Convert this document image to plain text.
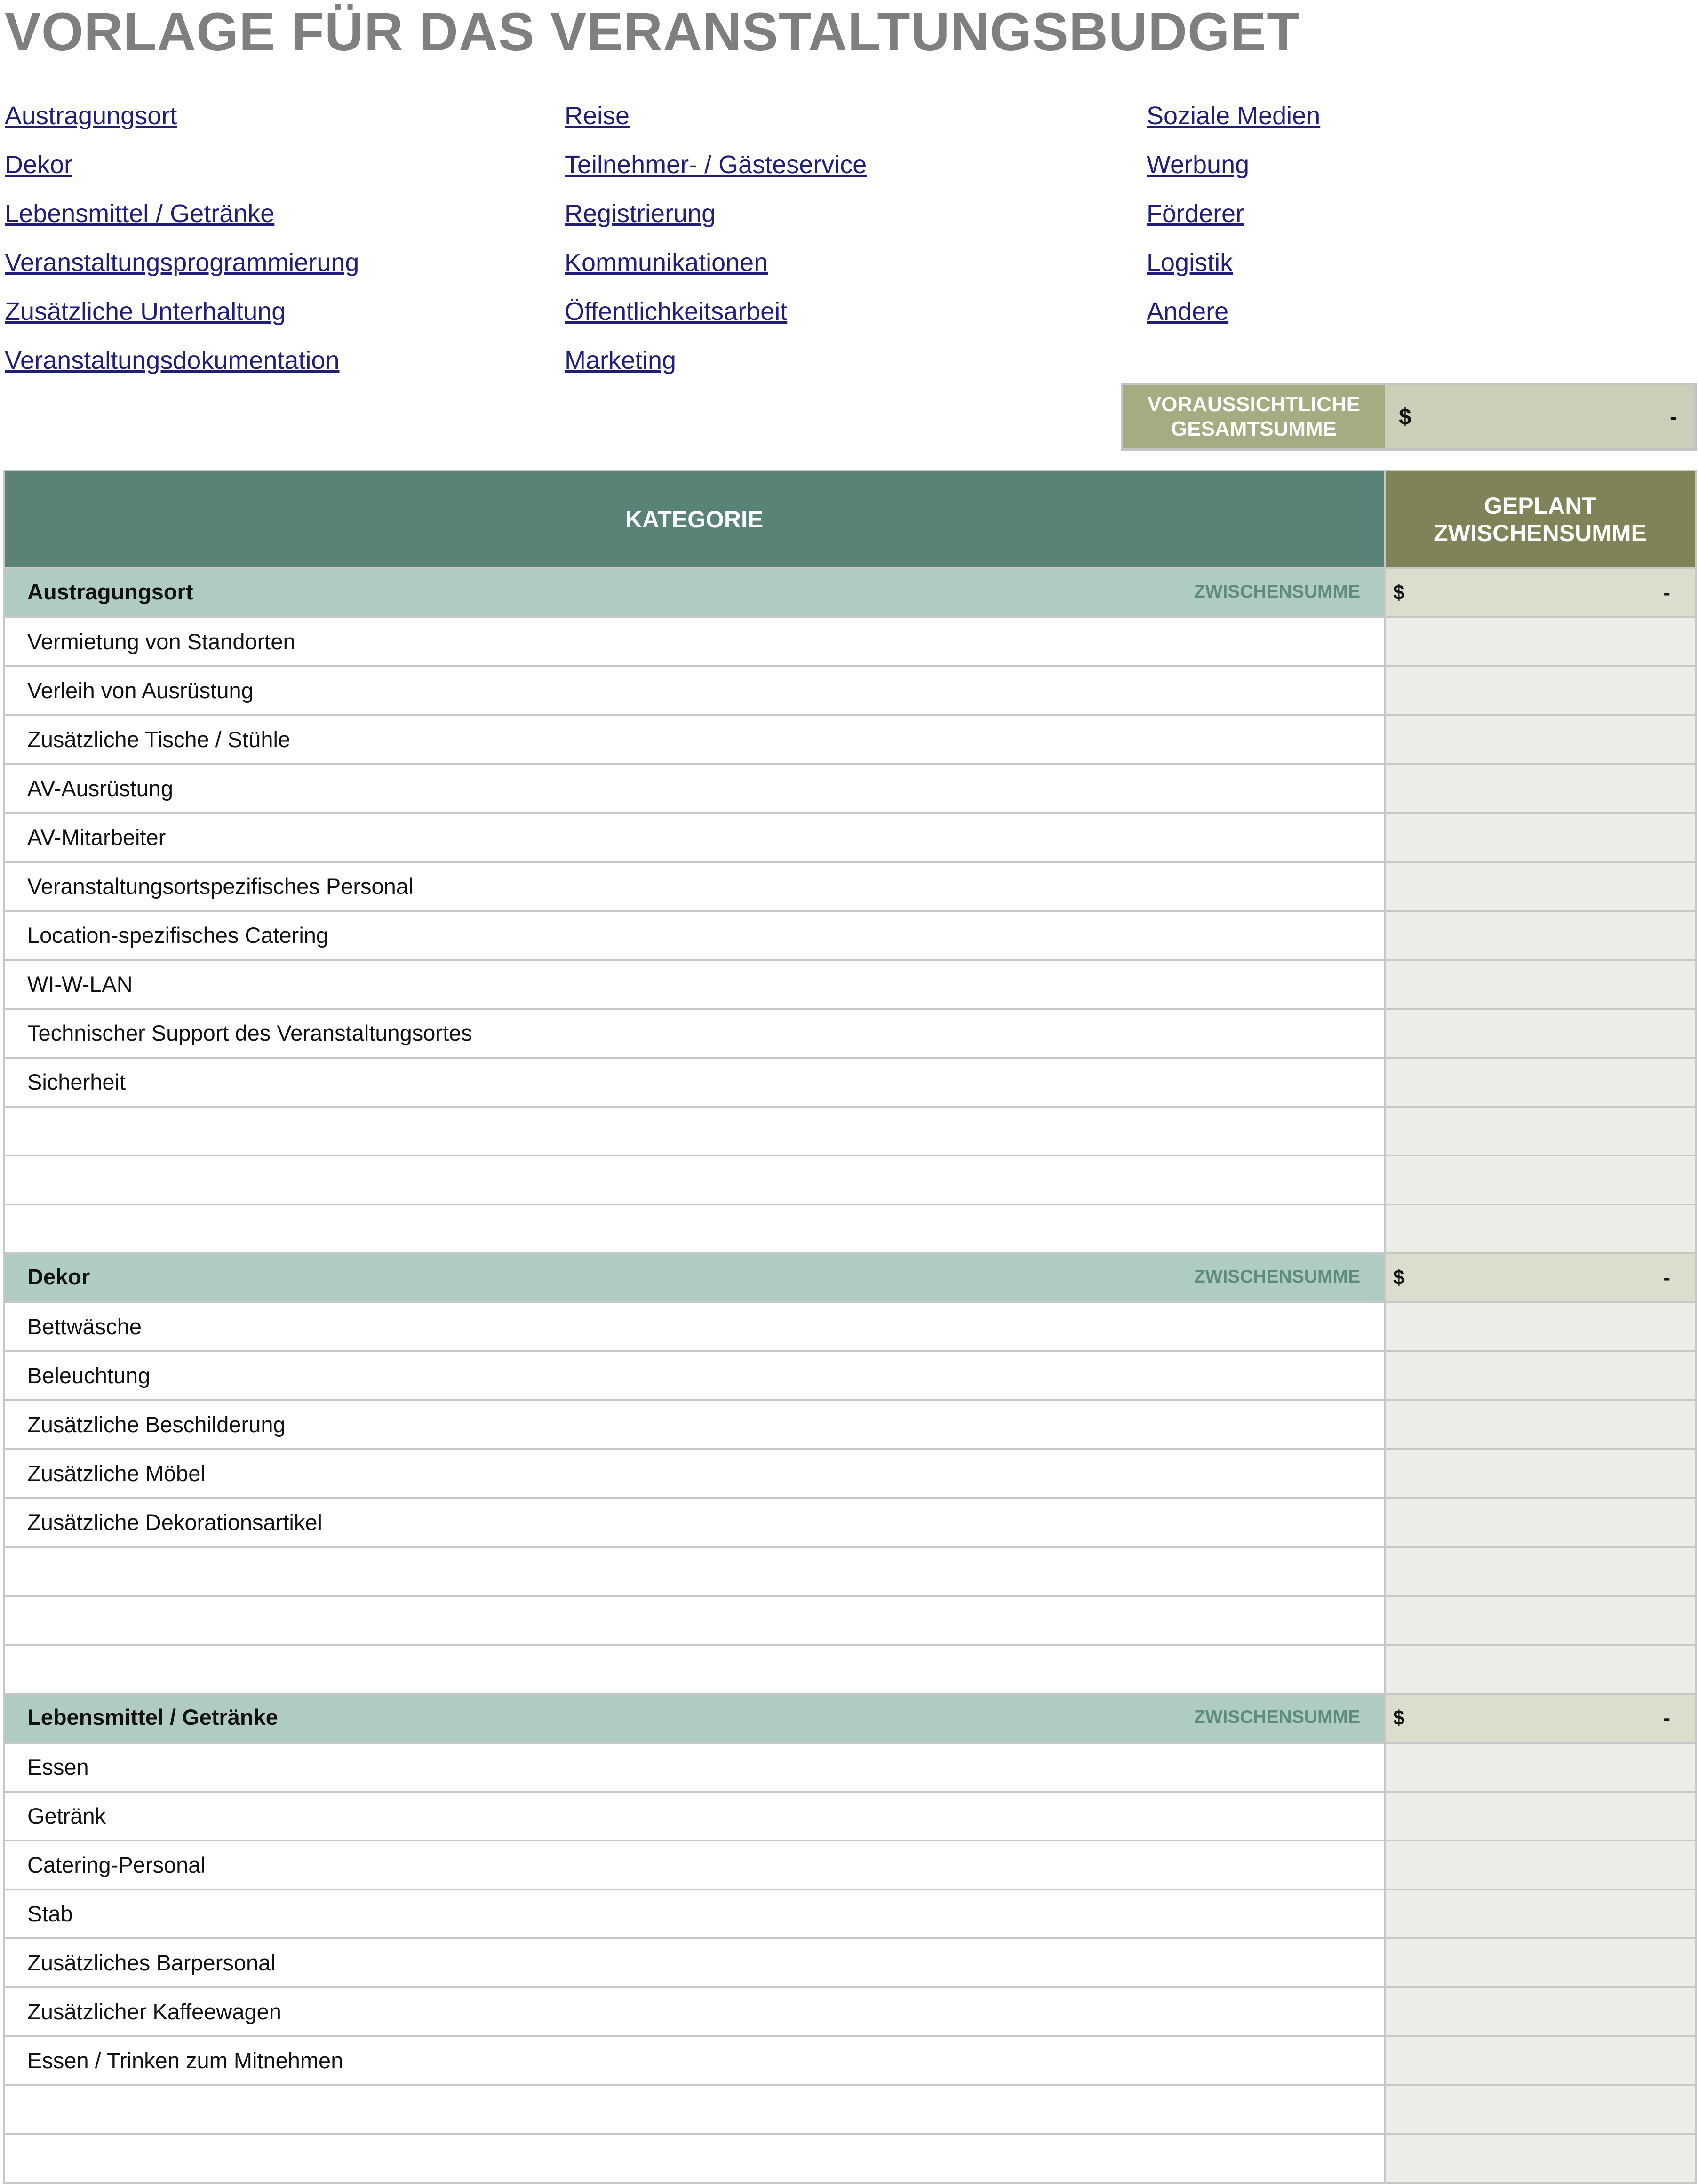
VORLAGE FÜR DAS VERANSTALTUNGSBUDGET
Austragungsort
Dekor
Lebensmittel / Getränke
Veranstaltungsprogrammierung
Zusätzliche Unterhaltung
Veranstaltungsdokumentation
Reise
Teilnehmer- / Gästeservice
Registrierung
Kommunikationen
Öffentlichkeitsarbeit
Marketing
Soziale Medien
Werbung
Förderer
Logistik
Andere
VORAUSSICHTLICHE
GESAMTSUMME	$	-
KATEGORIE	GEPLANT
ZWISCHENSUMME

Austragungsort ZWISCHENSUMME	$ -

Vermietung von Standorten	
Verleih von Ausrüstung	
Zusätzliche Tische / Stühle	
AV-Ausrüstung	
AV-Mitarbeiter	
Veranstaltungsortspezifisches Personal	
Location-spezifisches Catering	
WI-W-LAN	
Technischer Support des Veranstaltungsortes	
Sicherheit	

Dekor ZWISCHENSUMME	$ -

Bettwäsche	
Beleuchtung	
Zusätzliche Beschilderung	
Zusätzliche Möbel	
Zusätzliche Dekorationsartikel	

Lebensmittel / Getränke ZWISCHENSUMME	$ -

Essen	
Getränk	
Catering-Personal	
Stab	
Zusätzliches Barpersonal	
Zusätzlicher Kaffeewagen	
Essen / Trinken zum Mitnehmen	
